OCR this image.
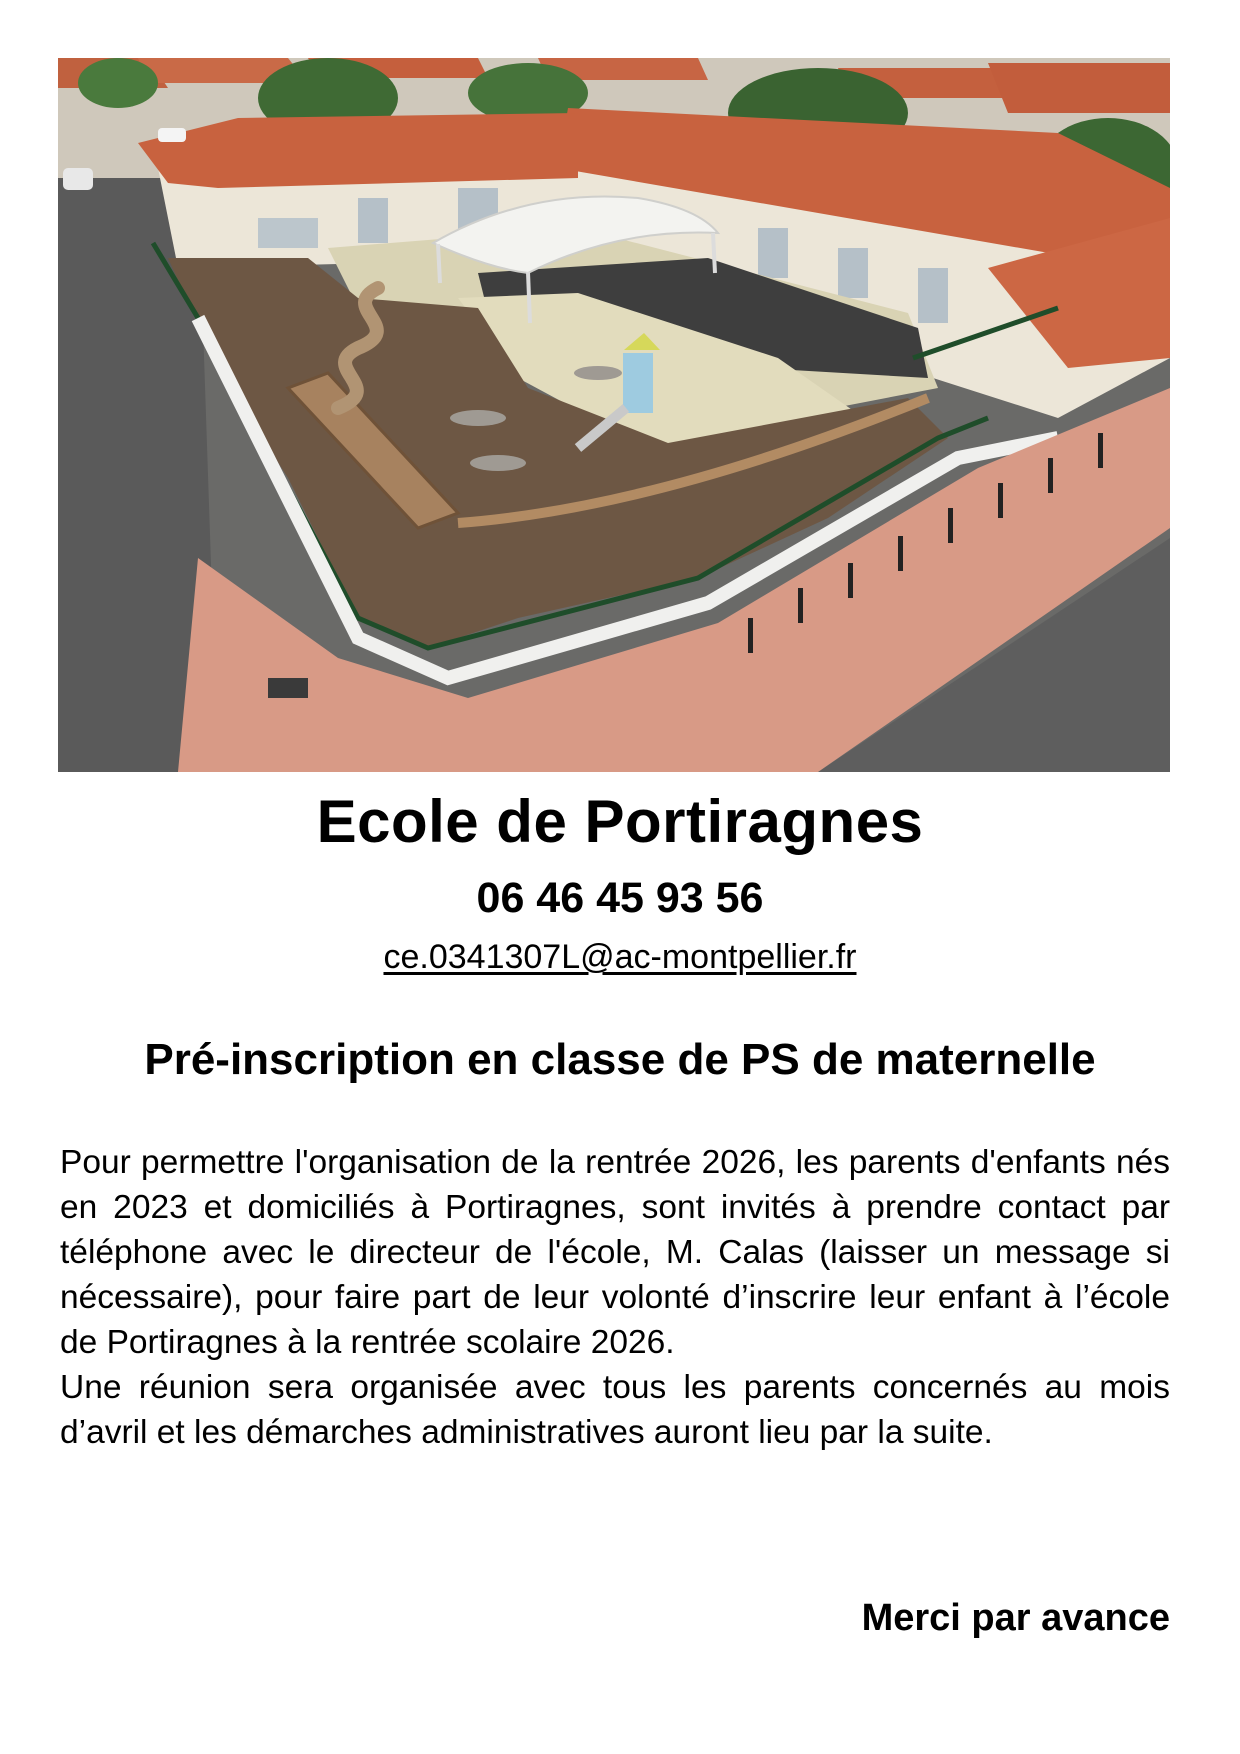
Ecole de Portiragnes
06 46 45 93 56
ce.0341307L@ac-montpellier.fr
Pré-inscription en classe de PS de maternelle

Pour permettre l'organisation de la rentrée 2026, les parents d'enfants nés en 2023 et domiciliés à Portiragnes, sont invités à prendre contact par téléphone avec le directeur de l'école, M. Calas (laisser un message si nécessaire), pour faire part de leur volonté d’inscrire leur enfant à l’école de Portiragnes à la rentrée scolaire 2026.

Une réunion sera organisée avec tous les parents concernés au mois d’avril et les démarches administratives auront lieu par la suite.

Merci par avance
